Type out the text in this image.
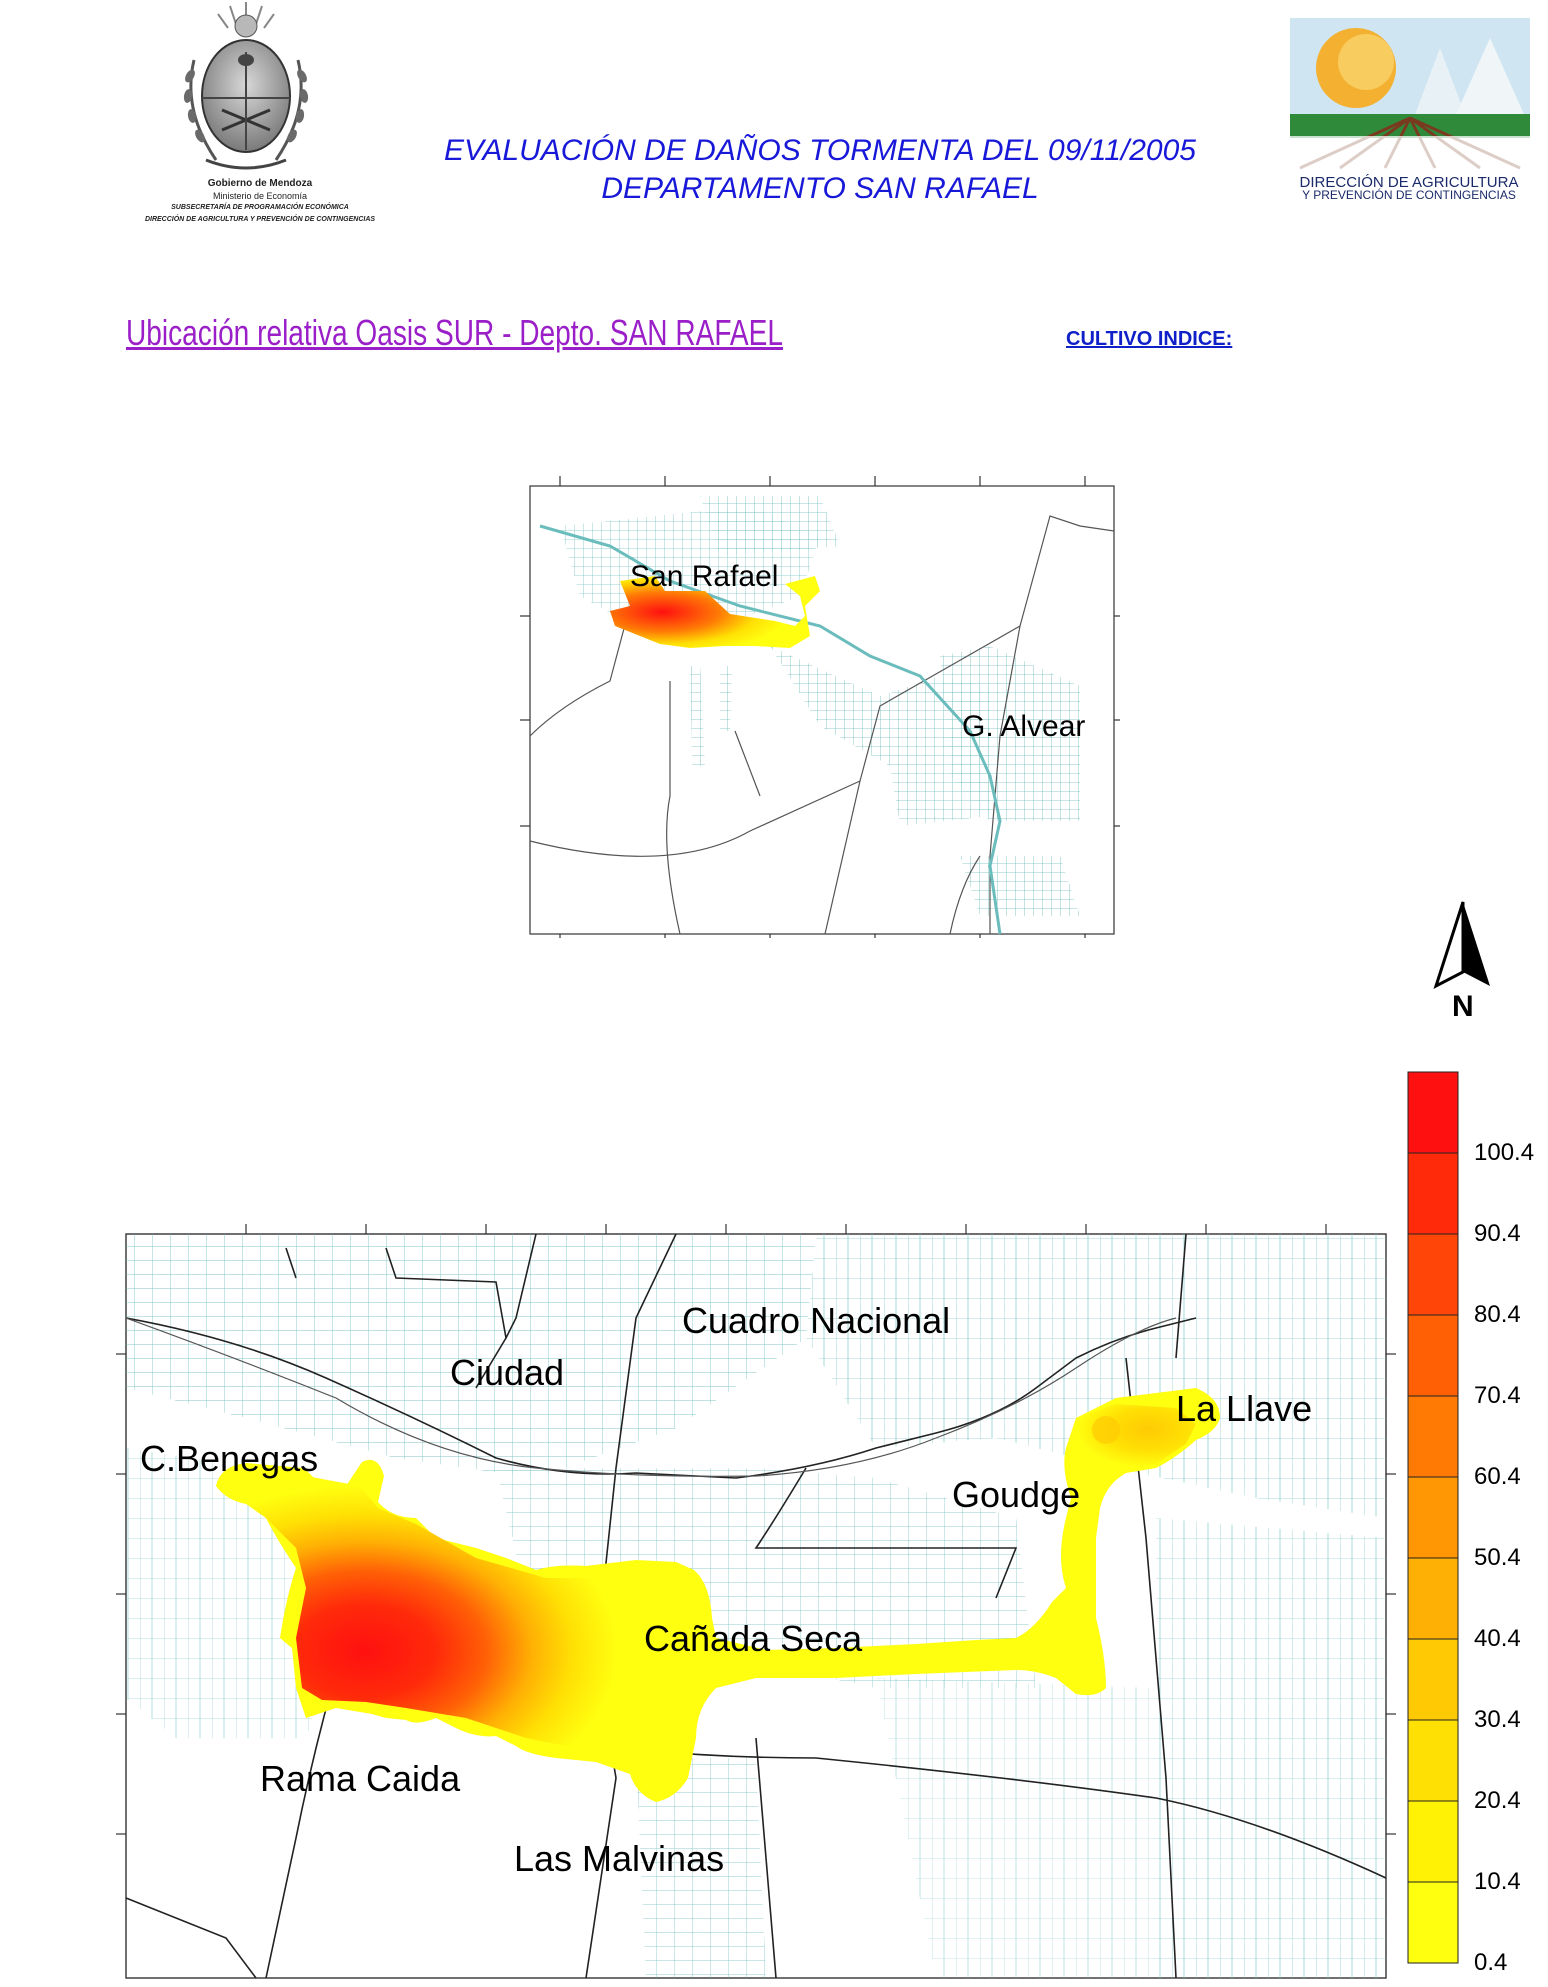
Gobierno de Mendoza
Ministerio de Economía
SUBSECRETARÍA DE PROGRAMACIÓN ECONÓMICA
DIRECCIÓN DE AGRICULTURA Y PREVENCIÓN DE CONTINGENCIAS
EVALUACIÓN DE DAÑOS TORMENTA DEL 09/11/2005
DEPARTAMENTO SAN RAFAEL	DIRECCIÓN DE AGRICULTURA
Y PREVENCIÓN DE CONTINGENCIAS
Ubicación relativa Oasis SUR - Depto. SAN RAFAEL	CULTIVO INDICE:
San Rafael
G. Alvear
N
100.4
90.4
80.4
70.4
60.4
50.4
40.4
30.4
20.4
10.4
0.4
Cuadro Nacional
Ciudad
C.Benegas
La Llave
Goudge
Cañada Seca
Rama Caida
Las Malvinas
